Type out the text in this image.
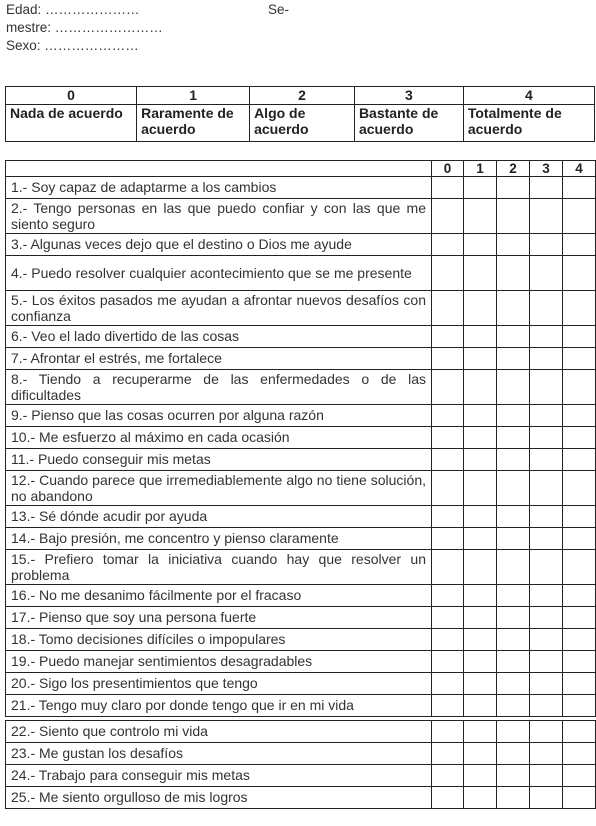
Edad: …………………	Se-
mestre: ……………………
Sexo: …………………
0	1	2	3	4
Nada de acuerdo	Raramente de acuerdo	Algo de acuerdo	Bastante de acuerdo	Totalmente de acuerdo
	0	1	2	3	4
1.- Soy capaz de adaptarme a los cambios					
2.- Tengo personas en las que puedo confiar y con las que me siento seguro					
3.- Algunas veces dejo que el destino o Dios me ayude					
4.- Puedo resolver cualquier acontecimiento que se me presente					
5.- Los éxitos pasados me ayudan a afrontar nuevos desafíos con confianza					
6.- Veo el lado divertido de las cosas					
7.- Afrontar el estrés, me fortalece					
8.- Tiendo a recuperarme de las enfermedades o de las dificultades					
9.- Pienso que las cosas ocurren por alguna razón					
10.- Me esfuerzo al máximo en cada ocasión					
11.- Puedo conseguir mis metas					
12.- Cuando parece que irremediablemente algo no tiene solución, no abandono					
13.- Sé dónde acudir por ayuda					
14.- Bajo presión, me concentro y pienso claramente					
15.- Prefiero tomar la iniciativa cuando hay que resolver un problema					
16.- No me desanimo fácilmente por el fracaso					
17.- Pienso que soy una persona fuerte					
18.- Tomo decisiones difíciles o impopulares					
19.- Puedo manejar sentimientos desagradables					
20.- Sigo los presentimientos que tengo					
21.- Tengo muy claro por donde tengo que ir en mi vida					

22.- Siento que controlo mi vida					
23.- Me gustan los desafíos					
24.- Trabajo para conseguir mis metas					
25.- Me siento orgulloso de mis logros					
